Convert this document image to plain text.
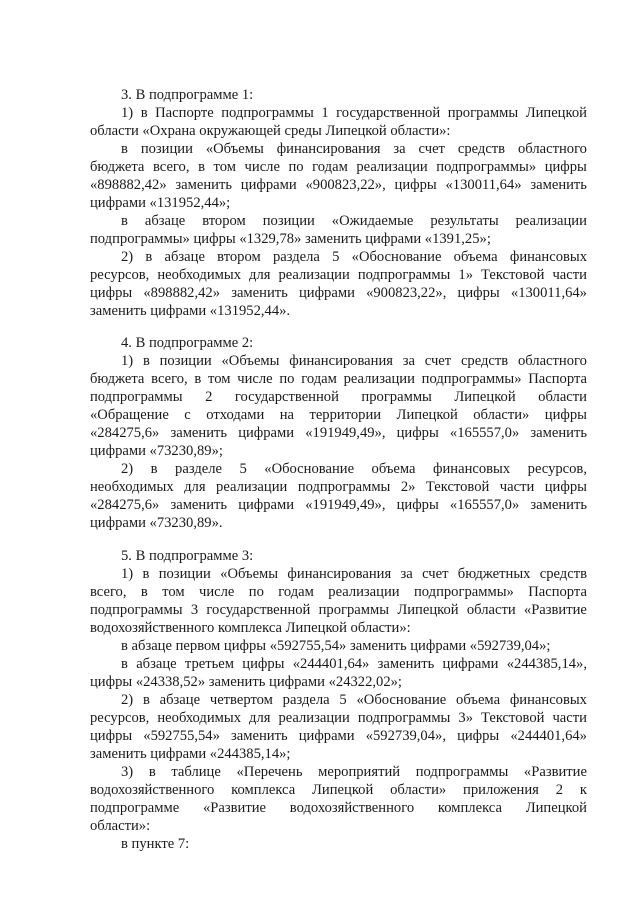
3. В подпрограмме 1:
1) в Паспорте подпрограммы 1 государственной программы Липецкой
области «Охрана окружающей среды Липецкой области»:
в позиции «Объемы финансирования за счет средств областного
бюджета всего, в том числе по годам реализации подпрограммы» цифры
«898882,42» заменить цифрами «900823,22», цифры «130011,64» заменить
цифрами «131952,44»;
в абзаце втором позиции «Ожидаемые результаты реализации
подпрограммы» цифры «1329,78» заменить цифрами «1391,25»;
2) в абзаце втором раздела 5 «Обоснование объема финансовых
ресурсов, необходимых для реализации подпрограммы 1» Текстовой части
цифры «898882,42» заменить цифрами «900823,22», цифры «130011,64»
заменить цифрами «131952,44».
4. В подпрограмме 2:
1) в позиции «Объемы финансирования за счет средств областного
бюджета всего, в том числе по годам реализации подпрограммы» Паспорта
подпрограммы 2 государственной программы Липецкой области
«Обращение с отходами на территории Липецкой области» цифры
«284275,6» заменить цифрами «191949,49», цифры «165557,0» заменить
цифрами «73230,89»;
2) в разделе 5 «Обоснование объема финансовых ресурсов,
необходимых для реализации подпрограммы 2» Текстовой части цифры
«284275,6» заменить цифрами «191949,49», цифры «165557,0» заменить
цифрами «73230,89».
5. В подпрограмме 3:
1) в позиции «Объемы финансирования за счет бюджетных средств
всего, в том числе по годам реализации подпрограммы» Паспорта
подпрограммы 3 государственной программы Липецкой области «Развитие
водохозяйственного комплекса Липецкой области»:
в абзаце первом цифры «592755,54» заменить цифрами «592739,04»;
в абзаце третьем цифры «244401,64» заменить цифрами «244385,14»,
цифры «24338,52» заменить цифрами «24322,02»;
2) в абзаце четвертом раздела 5 «Обоснование объема финансовых
ресурсов, необходимых для реализации подпрограммы 3» Текстовой части
цифры «592755,54» заменить цифрами «592739,04», цифры «244401,64»
заменить цифрами «244385,14»;
3) в таблице «Перечень мероприятий подпрограммы «Развитие
водохозяйственного комплекса Липецкой области» приложения 2 к
подпрограмме «Развитие водохозяйственного комплекса Липецкой
области»:
в пункте 7:
